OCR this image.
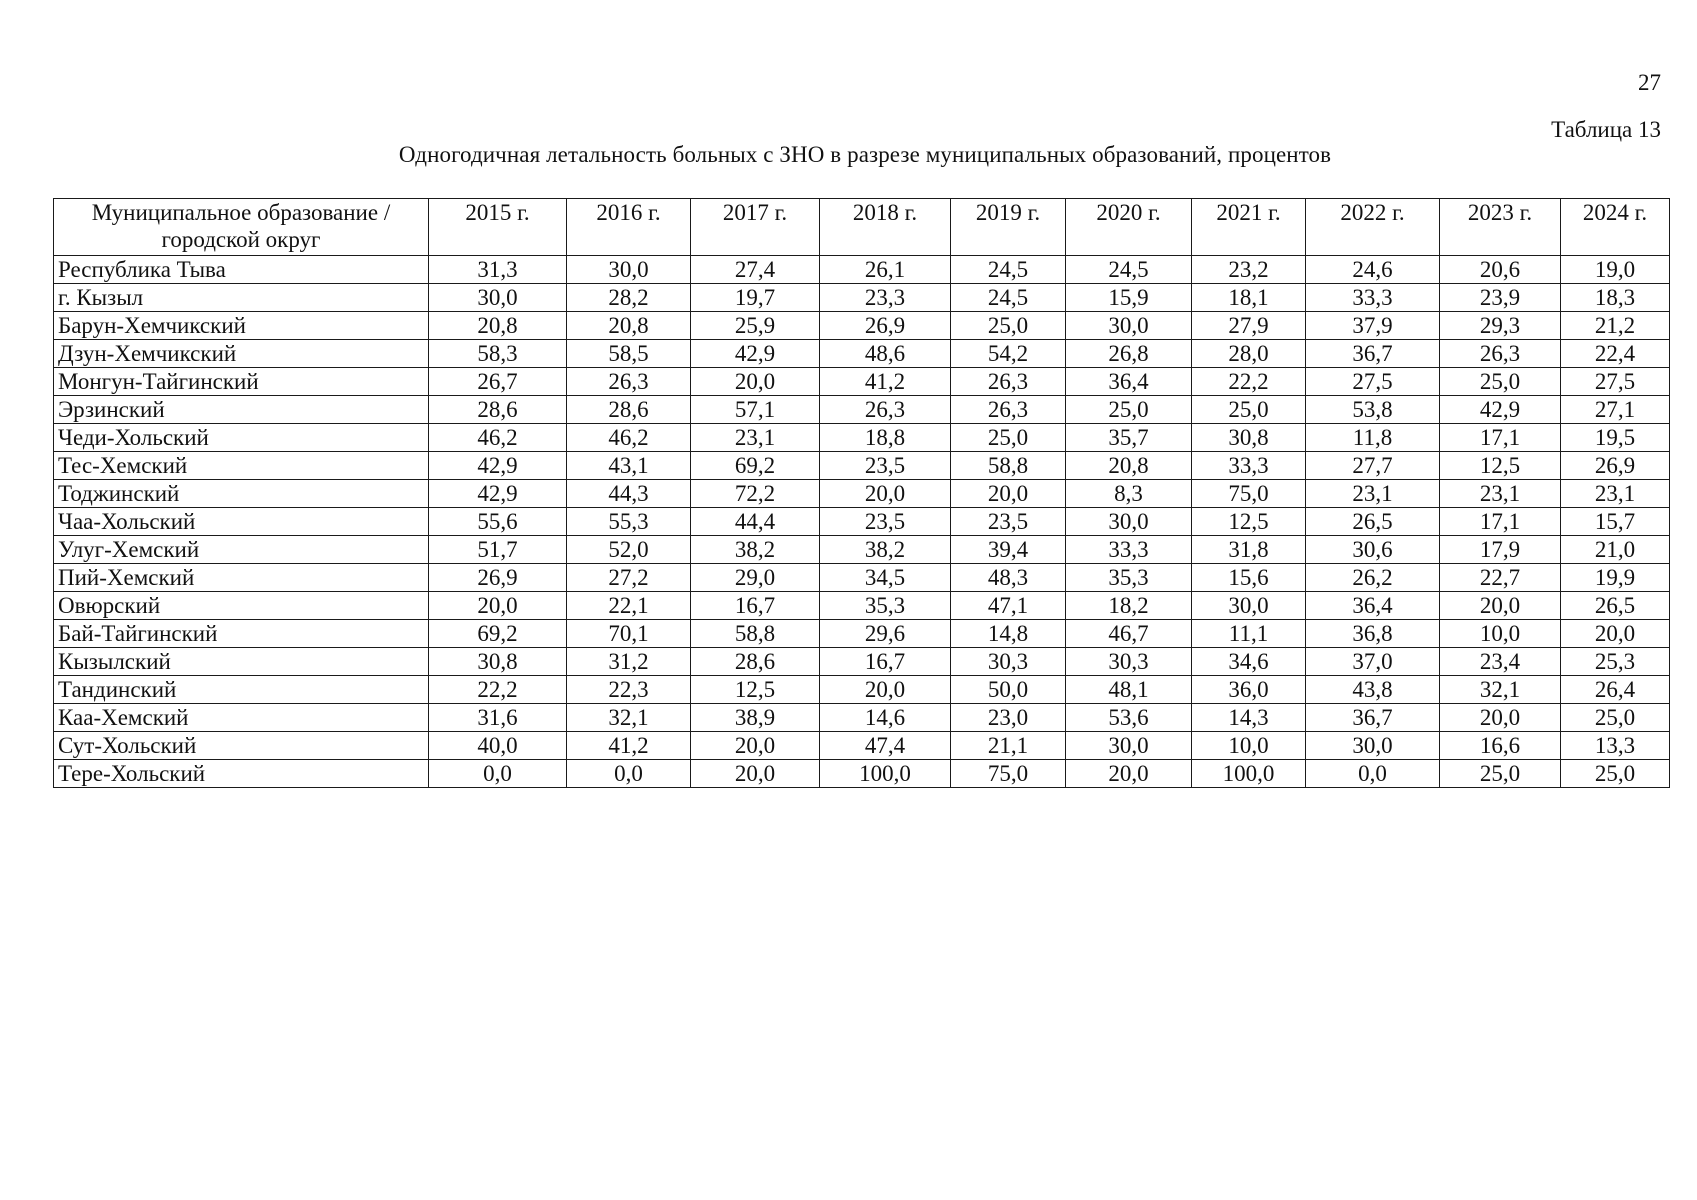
27
Таблица 13
Одногодичная летальность больных с ЗНО в разрезе муниципальных образований, процентов
Муниципальное образование / городской округ	2015 г.	2016 г.	2017 г.	2018 г.	2019 г.	2020 г.	2021 г.	2022 г.	2023 г.	2024 г.
Республика Тыва	31,3	30,0	27,4	26,1	24,5	24,5	23,2	24,6	20,6	19,0
г. Кызыл	30,0	28,2	19,7	23,3	24,5	15,9	18,1	33,3	23,9	18,3
Барун-Хемчикский	20,8	20,8	25,9	26,9	25,0	30,0	27,9	37,9	29,3	21,2
Дзун-Хемчикский	58,3	58,5	42,9	48,6	54,2	26,8	28,0	36,7	26,3	22,4
Монгун-Тайгинский	26,7	26,3	20,0	41,2	26,3	36,4	22,2	27,5	25,0	27,5
Эрзинский	28,6	28,6	57,1	26,3	26,3	25,0	25,0	53,8	42,9	27,1
Чеди-Хольский	46,2	46,2	23,1	18,8	25,0	35,7	30,8	11,8	17,1	19,5
Тес-Хемский	42,9	43,1	69,2	23,5	58,8	20,8	33,3	27,7	12,5	26,9
Тоджинский	42,9	44,3	72,2	20,0	20,0	8,3	75,0	23,1	23,1	23,1
Чаа-Хольский	55,6	55,3	44,4	23,5	23,5	30,0	12,5	26,5	17,1	15,7
Улуг-Хемский	51,7	52,0	38,2	38,2	39,4	33,3	31,8	30,6	17,9	21,0
Пий-Хемский	26,9	27,2	29,0	34,5	48,3	35,3	15,6	26,2	22,7	19,9
Овюрский	20,0	22,1	16,7	35,3	47,1	18,2	30,0	36,4	20,0	26,5
Бай-Тайгинский	69,2	70,1	58,8	29,6	14,8	46,7	11,1	36,8	10,0	20,0
Кызылский	30,8	31,2	28,6	16,7	30,3	30,3	34,6	37,0	23,4	25,3
Тандинский	22,2	22,3	12,5	20,0	50,0	48,1	36,0	43,8	32,1	26,4
Каа-Хемский	31,6	32,1	38,9	14,6	23,0	53,6	14,3	36,7	20,0	25,0
Сут-Хольский	40,0	41,2	20,0	47,4	21,1	30,0	10,0	30,0	16,6	13,3
Тере-Хольский	0,0	0,0	20,0	100,0	75,0	20,0	100,0	0,0	25,0	25,0
